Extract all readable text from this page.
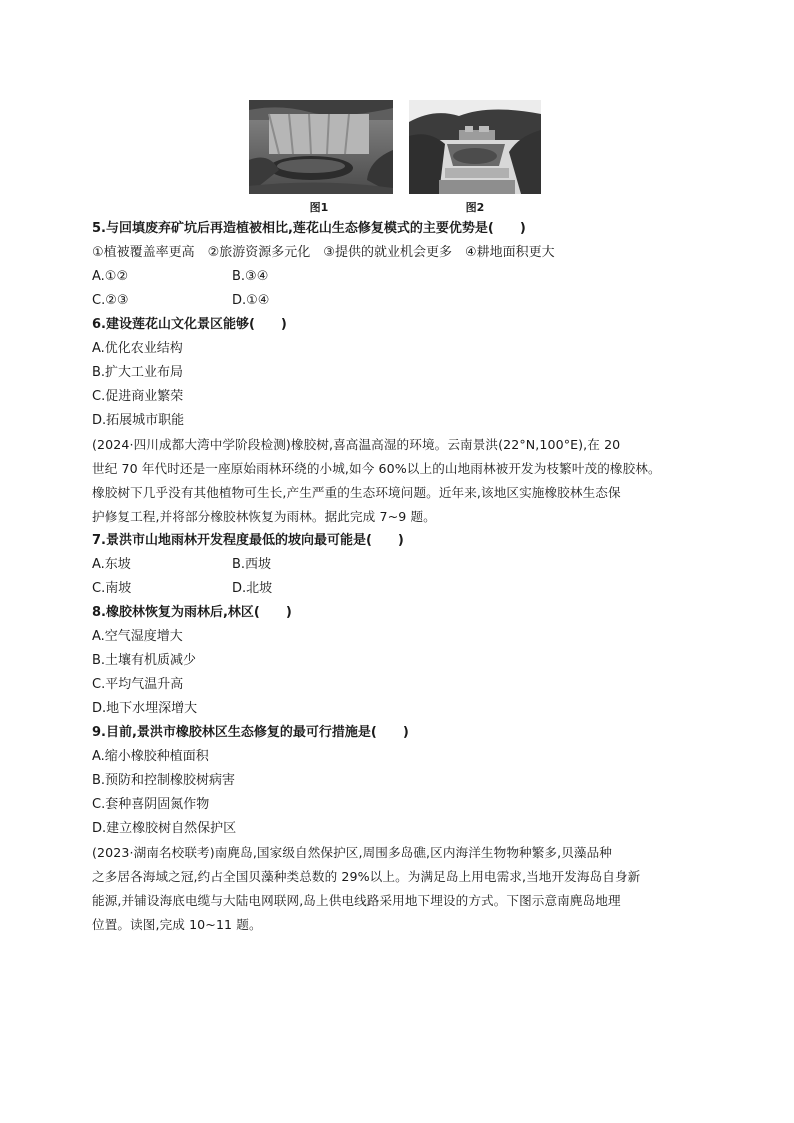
图1	图2
5.与回填废弃矿坑后再造植被相比,莲花山生态修复模式的主要优势是(　　)
①植被覆盖率更高　②旅游资源多元化　③提供的就业机会更多　④耕地面积更大
A.①②	B.③④
C.②③	D.①④
6.建设莲花山文化景区能够(　　)
A.优化农业结构
B.扩大工业布局
C.促进商业繁荣
D.拓展城市职能
(2024·四川成都大湾中学阶段检测)橡胶树,喜高温高湿的环境。云南景洪(22°N,100°E),在 20
世纪 70 年代时还是一座原始雨林环绕的小城,如今 60%以上的山地雨林被开发为枝繁叶茂的橡胶林。
橡胶树下几乎没有其他植物可生长,产生严重的生态环境问题。近年来,该地区实施橡胶林生态保
护修复工程,并将部分橡胶林恢复为雨林。据此完成 7~9 题。
7.景洪市山地雨林开发程度最低的坡向最可能是(　　)
A.东坡	B.西坡
C.南坡	D.北坡
8.橡胶林恢复为雨林后,林区(　　)
A.空气湿度增大
B.土壤有机质减少
C.平均气温升高
D.地下水埋深增大
9.目前,景洪市橡胶林区生态修复的最可行措施是(　　)
A.缩小橡胶种植面积
B.预防和控制橡胶树病害
C.套种喜阴固氮作物
D.建立橡胶树自然保护区
(2023·湖南名校联考)南麂岛,国家级自然保护区,周围多岛礁,区内海洋生物物种繁多,贝藻品种
之多居各海域之冠,约占全国贝藻种类总数的 29%以上。为满足岛上用电需求,当地开发海岛自身新
能源,并铺设海底电缆与大陆电网联网,岛上供电线路采用地下埋设的方式。下图示意南麂岛地理
位置。读图,完成 10~11 题。
